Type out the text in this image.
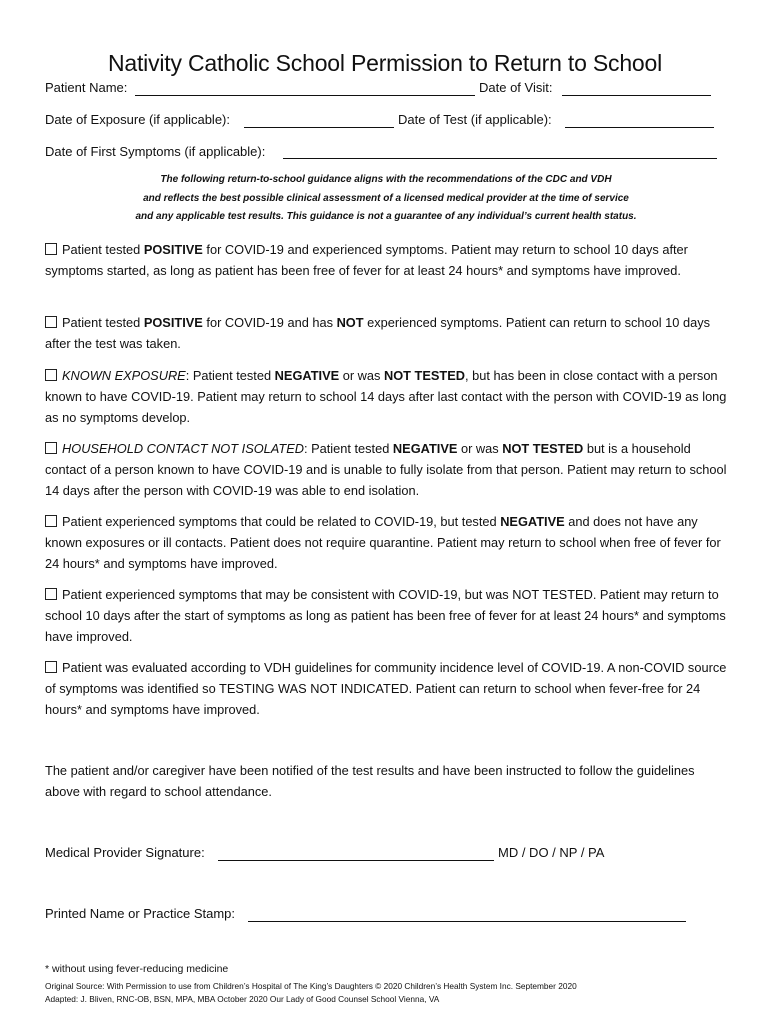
Nativity Catholic School Permission to Return to School
Patient Name:	Date of Visit:
Date of Exposure (if applicable):	Date of Test (if applicable):
Date of First Symptoms (if applicable):
The following return-to-school guidance aligns with the recommendations of the CDC and VDH
and reflects the best possible clinical assessment of a licensed medical provider at the time of service
and any applicable test results. This guidance is not a guarantee of any individual’s current health status.
Patient tested POSITIVE for COVID-19 and experienced symptoms. Patient may return to school 10 days after symptoms started, as long as patient has been free of fever for at least 24 hours* and symptoms have improved.
Patient tested POSITIVE for COVID-19 and has NOT experienced symptoms. Patient can return to school 10 days after the test was taken.
KNOWN EXPOSURE: Patient tested NEGATIVE or was NOT TESTED, but has been in close contact with a person known to have COVID-19. Patient may return to school 14 days after last contact with the person with COVID-19 as long as no symptoms develop.
HOUSEHOLD CONTACT NOT ISOLATED: Patient tested NEGATIVE or was NOT TESTED but is a household contact of a person known to have COVID-19 and is unable to fully isolate from that person. Patient may return to school 14 days after the person with COVID-19 was able to end isolation.
Patient experienced symptoms that could be related to COVID-19, but tested NEGATIVE and does not have any known exposures or ill contacts. Patient does not require quarantine. Patient may return to school when free of fever for 24 hours* and symptoms have improved.
Patient experienced symptoms that may be consistent with COVID-19, but was NOT TESTED. Patient may return to school 10 days after the start of symptoms as long as patient has been free of fever for at least 24 hours* and symptoms have improved.
Patient was evaluated according to VDH guidelines for community incidence level of COVID-19. A non-COVID source of symptoms was identified so TESTING WAS NOT INDICATED. Patient can return to school when fever-free for 24 hours* and symptoms have improved.
The patient and/or caregiver have been notified of the test results and have been instructed to follow the guidelines above with regard to school attendance.
Medical Provider Signature:	MD / DO / NP / PA
Printed Name or Practice Stamp:
* without using fever-reducing medicine
Original Source: With Permission to use from Children’s Hospital of The King’s Daughters © 2020 Children’s Health System Inc. September 2020
Adapted: J. Bliven, RNC-OB, BSN, MPA, MBA October 2020 Our Lady of Good Counsel School Vienna, VA
